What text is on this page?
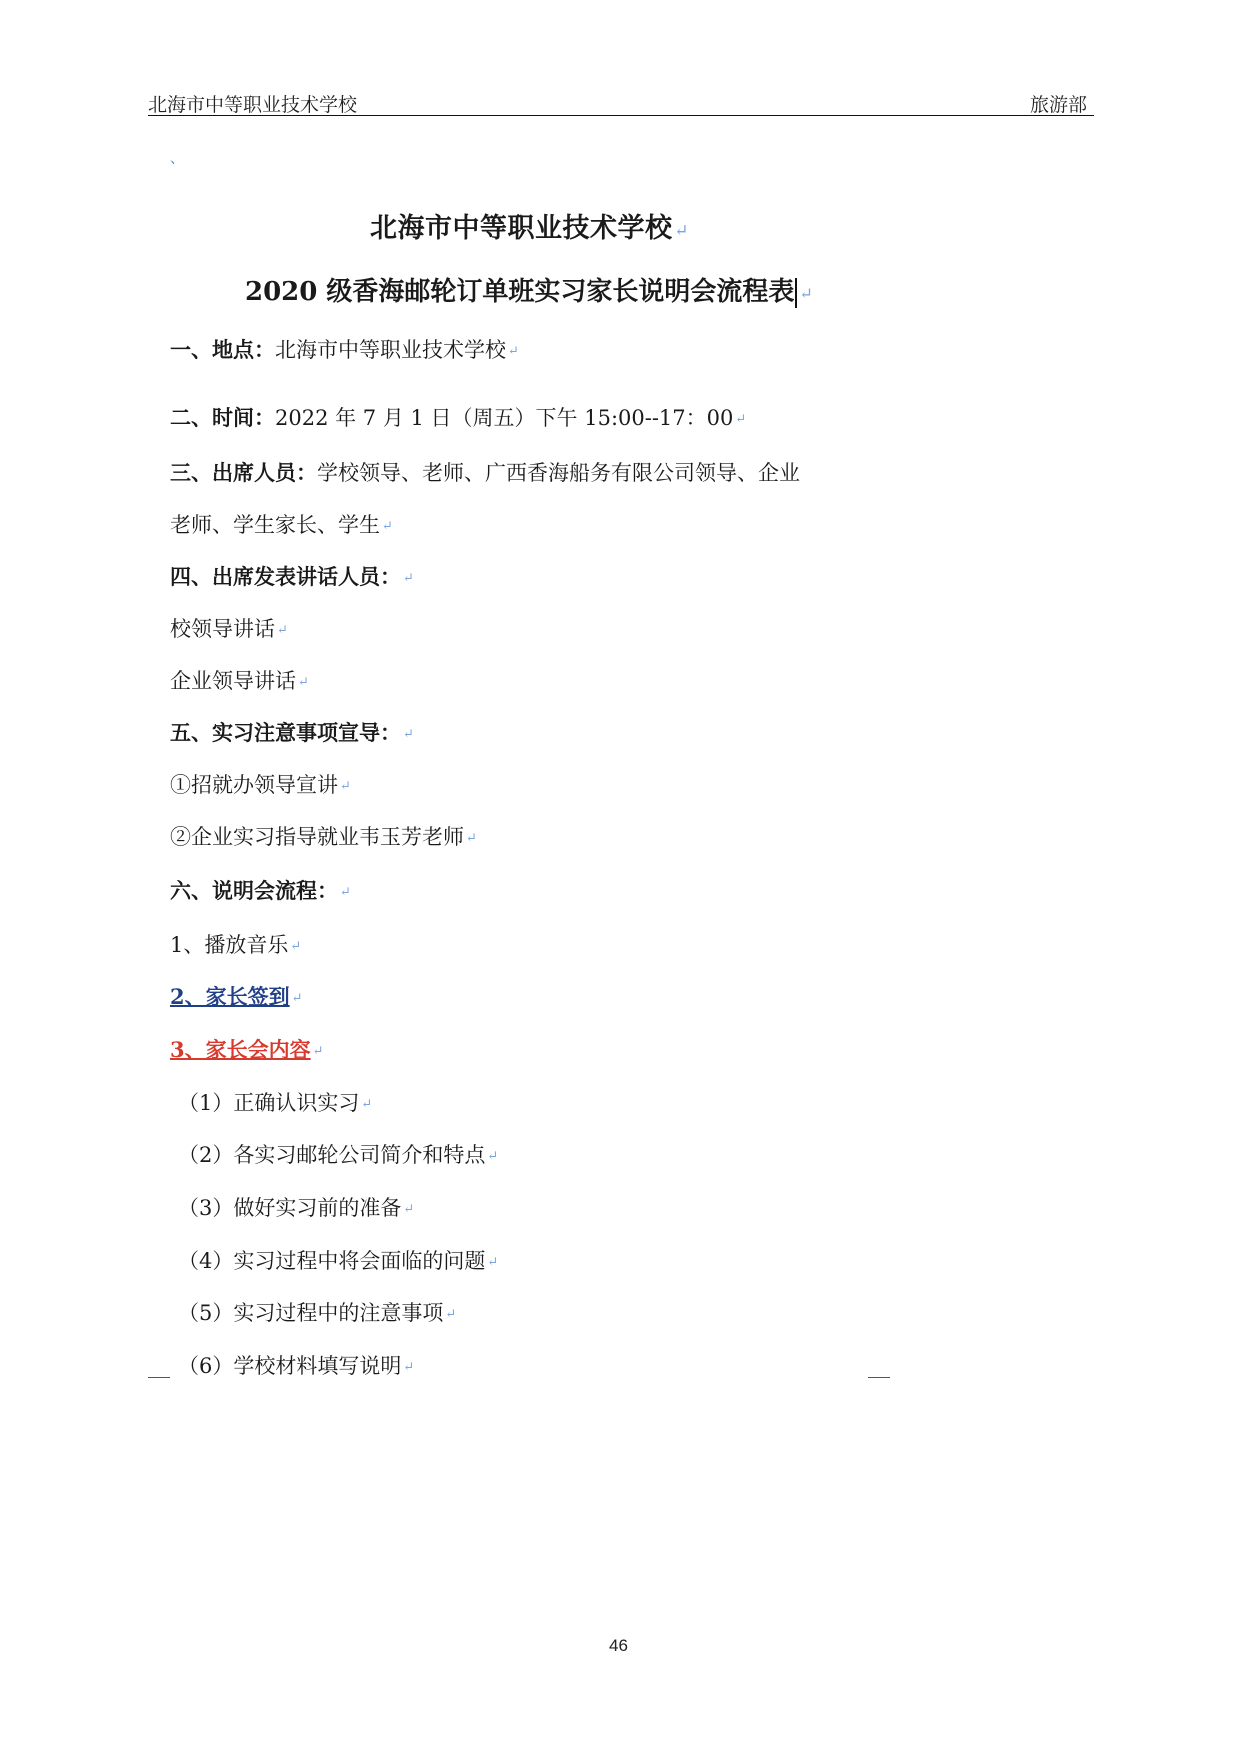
北海市中等职业技术学校	旅游部
、
北海市中等职业技术学校 ↵
2020 级香海邮轮订单班实习家长说明会流程表 ↵
一、地点：北海市中等职业技术学校 ↵
二、时间：2022 年 7 月 1 日（周五）下午 15:00--17：00 ↵
三、出席人员：学校领导、老师、广西香海船务有限公司领导、企业
老师、学生家长、学生 ↵
四、出席发表讲话人员： ↵
校领导讲话 ↵
企业领导讲话 ↵
五、实习注意事项宣导： ↵
①招就办领导宣讲 ↵
②企业实习指导就业韦玉芳老师 ↵
六、说明会流程： ↵
1、播放音乐 ↵
2、家长签到 ↵
3、家长会内容 ↵
（1）正确认识实习 ↵
（2）各实习邮轮公司简介和特点 ↵
（3）做好实习前的准备 ↵
（4）实习过程中将会面临的问题 ↵
（5）实习过程中的注意事项 ↵
（6）学校材料填写说明 ↵
46
